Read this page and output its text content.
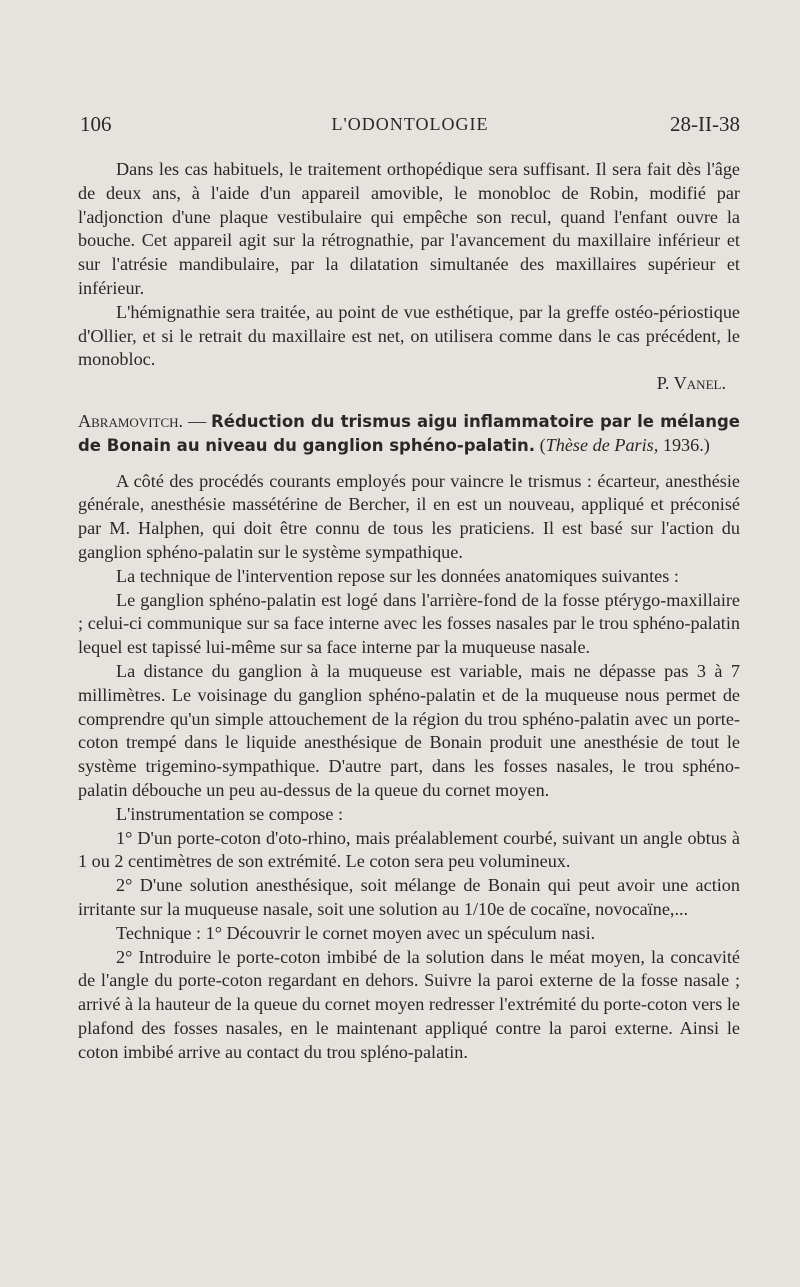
106	L'ODONTOLOGIE	28-II-38

Dans les cas habituels, le traitement orthopédique sera suffisant. Il sera fait dès l'âge de deux ans, à l'aide d'un appareil amovible, le monobloc de Robin, modifié par l'adjonction d'une plaque vestibulaire qui empêche son recul, quand l'enfant ouvre la bouche. Cet appareil agit sur la rétrognathie, par l'avancement du maxillaire inférieur et sur l'atrésie mandibulaire, par la dilatation simultanée des maxillaires supérieur et inférieur.

L'hémignathie sera traitée, au point de vue esthétique, par la greffe ostéo-périostique d'Ollier, et si le retrait du maxillaire est net, on utilisera comme dans le cas précédent, le monobloc.

P. Vanel.
Abramovitch. — Réduction du trismus aigu inflammatoire par le mélange de Bonain au niveau du ganglion sphéno-palatin. (Thèse de Paris, 1936.)

A côté des procédés courants employés pour vaincre le trismus : écarteur, anesthésie générale, anesthésie massétérine de Bercher, il en est un nouveau, appliqué et préconisé par M. Halphen, qui doit être connu de tous les praticiens. Il est basé sur l'action du ganglion sphéno-palatin sur le système sympathique.

La technique de l'intervention repose sur les données anatomiques suivantes :

Le ganglion sphéno-palatin est logé dans l'arrière-fond de la fosse ptérygo-maxillaire ; celui-ci communique sur sa face interne avec les fosses nasales par le trou sphéno-palatin lequel est tapissé lui-même sur sa face interne par la muqueuse nasale.

La distance du ganglion à la muqueuse est variable, mais ne dépasse pas 3 à 7 millimètres. Le voisinage du ganglion sphéno-palatin et de la muqueuse nous permet de comprendre qu'un simple attouchement de la région du trou sphéno-palatin avec un porte-coton trempé dans le liquide anesthésique de Bonain produit une anesthésie de tout le système trigemino-sympathique. D'autre part, dans les fosses nasales, le trou sphéno-palatin débouche un peu au-dessus de la queue du cornet moyen.

L'instrumentation se compose :

1° D'un porte-coton d'oto-rhino, mais préalablement courbé, suivant un angle obtus à 1 ou 2 centimètres de son extrémité. Le coton sera peu volumineux.

2° D'une solution anesthésique, soit mélange de Bonain qui peut avoir une action irritante sur la muqueuse nasale, soit une solution au 1/10e de cocaïne, novocaïne,...

Technique : 1° Découvrir le cornet moyen avec un spéculum nasi.

2° Introduire le porte-coton imbibé de la solution dans le méat moyen, la concavité de l'angle du porte-coton regardant en dehors. Suivre la paroi externe de la fosse nasale ; arrivé à la hauteur de la queue du cornet moyen redresser l'extrémité du porte-coton vers le plafond des fosses nasales, en le maintenant appliqué contre la paroi externe. Ainsi le coton imbibé arrive au contact du trou spléno-palatin.
